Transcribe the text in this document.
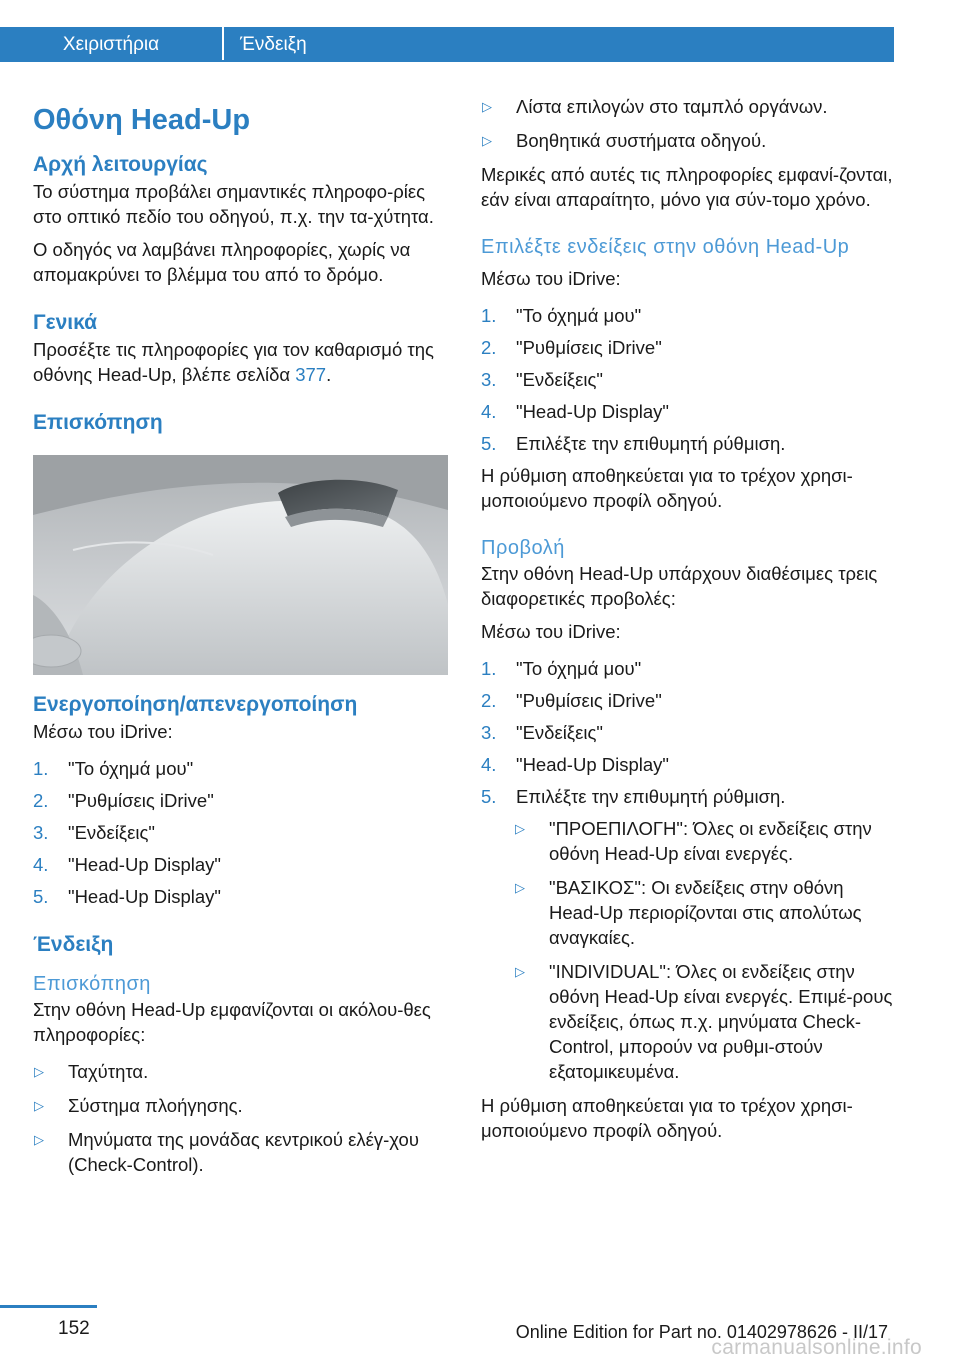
Χειριστήρια	Ένδειξη
Οθόνη Head-Up
Αρχή λειτουργίας
Το σύστημα προβάλει σημαντικές πληροφο-ρίες στο οπτικό πεδίο του οδηγού, π.χ. την τα-χύτητα.
Ο οδηγός να λαμβάνει πληροφορίες, χωρίς να απομακρύνει το βλέμμα του από το δρόμο.
Γενικά
Προσέξτε τις πληροφορίες για τον καθαρισμό της οθόνης Head-Up, βλέπε σελίδα 377.
Επισκόπηση
Ενεργοποίηση/απενεργοποίηση
Μέσω του iDrive:
1. "Το όχημά μου"
2. "Ρυθμίσεις iDrive"
3. "Ενδείξεις"
4. "Head-Up Display"
5. "Head-Up Display"
Ένδειξη
Επισκόπηση
Στην οθόνη Head-Up εμφανίζονται οι ακόλου-θες πληροφορίες:
▷ Ταχύτητα.
▷ Σύστημα πλοήγησης.
▷ Μηνύματα της μονάδας κεντρικού ελέγ-χου (Check-Control).
▷ Λίστα επιλογών στο ταμπλό οργάνων.
▷ Βοηθητικά συστήματα οδηγού.
Μερικές από αυτές τις πληροφορίες εμφανί-ζονται, εάν είναι απαραίτητο, μόνο για σύν-τομο χρόνο.
Επιλέξτε ενδείξεις στην οθόνη Head-Up
Μέσω του iDrive:
1. "Το όχημά μου"
2. "Ρυθμίσεις iDrive"
3. "Ενδείξεις"
4. "Head-Up Display"
5. Επιλέξτε την επιθυμητή ρύθμιση.
Η ρύθμιση αποθηκεύεται για το τρέχον χρησι-μοποιούμενο προφίλ οδηγού.
Προβολή
Στην οθόνη Head-Up υπάρχουν διαθέσιμες τρεις διαφορετικές προβολές:
Μέσω του iDrive:
1. "Το όχημά μου"
2. "Ρυθμίσεις iDrive"
3. "Ενδείξεις"
4. "Head-Up Display"
5. Επιλέξτε την επιθυμητή ρύθμιση.
▷ "ΠΡΟΕΠΙΛΟΓΗ": Όλες οι ενδείξεις στην οθόνη Head-Up είναι ενεργές.
▷ "ΒΑΣΙΚΟΣ": Οι ενδείξεις στην οθόνη Head-Up περιορίζονται στις απολύτως αναγκαίες.
▷ "INDIVIDUAL": Όλες οι ενδείξεις στην οθόνη Head-Up είναι ενεργές. Επιμέ-ρους ενδείξεις, όπως π.χ. μηνύματα Check-Control, μπορούν να ρυθμι-στούν εξατομικευμένα.
Η ρύθμιση αποθηκεύεται για το τρέχον χρησι-μοποιούμενο προφίλ οδηγού.
152	Online Edition for Part no. 01402978626 - II/17
carmanualsonline.info
